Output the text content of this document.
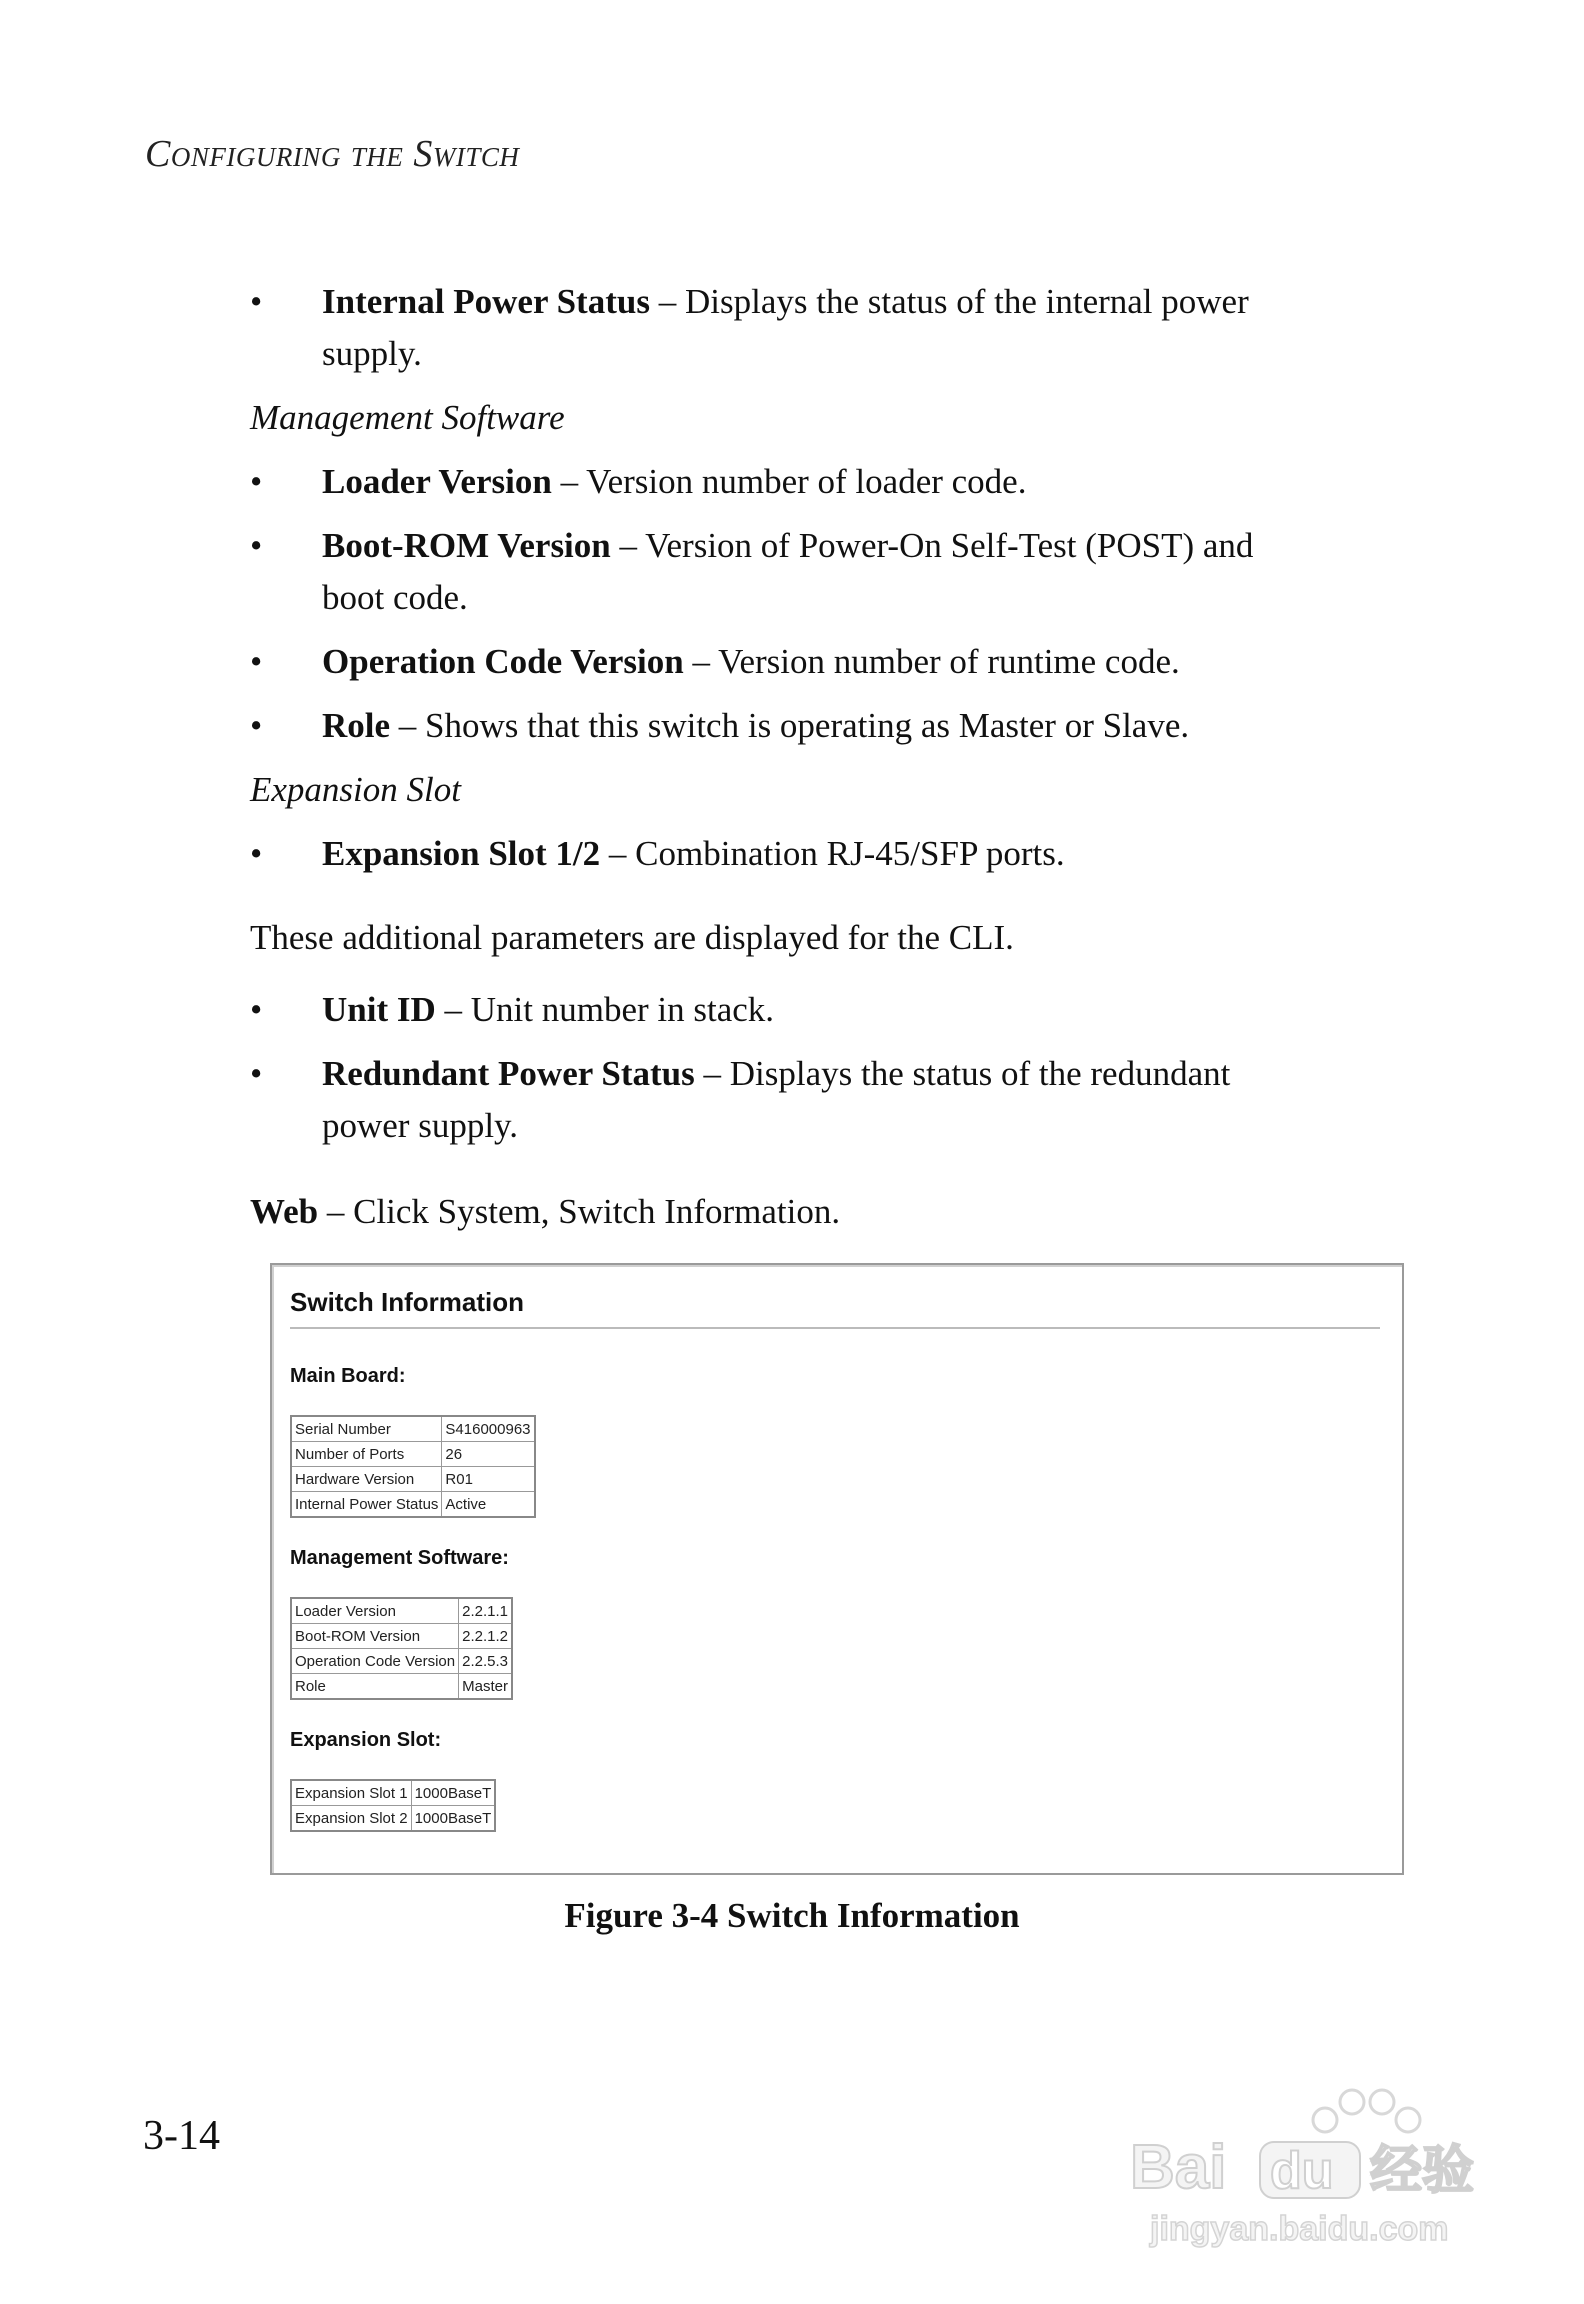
Configuring the Switch
• Internal Power Status – Displays the status of the internal power
supply.
Management Software
• Loader Version – Version number of loader code.
• Boot-ROM Version – Version of Power-On Self-Test (POST) and
boot code.
• Operation Code Version – Version number of runtime code.
• Role – Shows that this switch is operating as Master or Slave.
Expansion Slot
• Expansion Slot 1/2 – Combination RJ-45/SFP ports.
These additional parameters are displayed for the CLI.
• Unit ID – Unit number in stack.
• Redundant Power Status – Displays the status of the redundant
power supply.
Web – Click System, Switch Information.
Switch Information
Main Board:
Serial Number	S416000963
Number of Ports	26
Hardware Version	R01
Internal Power Status	Active
Management Software:
Loader Version	2.2.1.1
Boot-ROM Version	2.2.1.2
Operation Code Version	2.2.5.3
Role	Master
Expansion Slot:
Expansion Slot 1	1000BaseT
Expansion Slot 2	1000BaseT
Figure 3-4 Switch Information
3-14	Bai du 经验
jingyan.baidu.com
